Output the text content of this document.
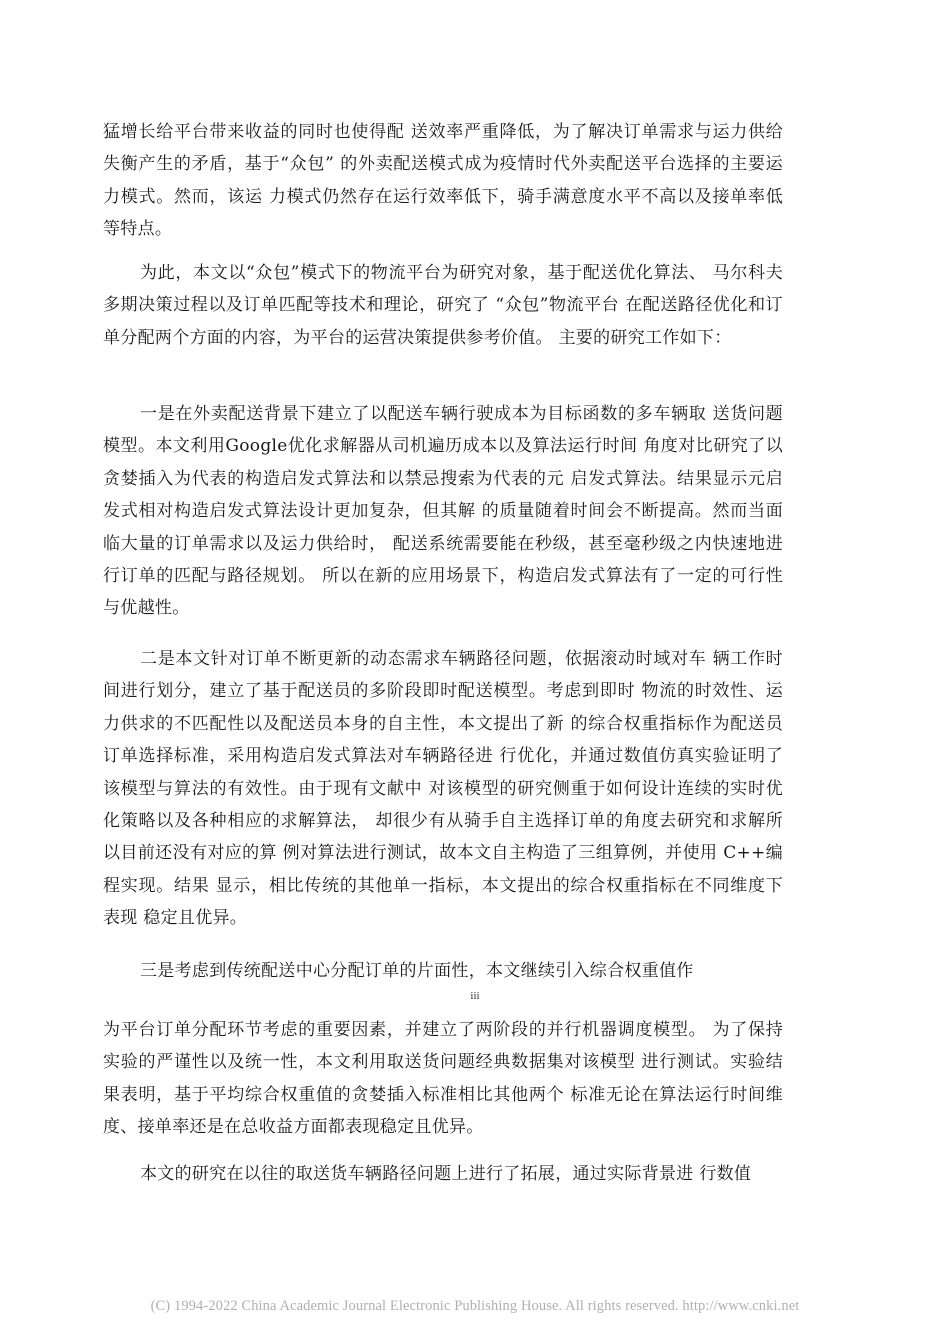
猛增长给平台带来收益的同时也使得配 送效率严重降低，为了解决订单需求与运力供给失衡产生的矛盾，基于“众包” 的外卖配送模式成为疫情时代外卖配送平台选择的主要运力模式。然而，该运 力模式仍然存在运行效率低下，骑手满意度水平不高以及接单率低等特点。

为此，本文以“众包”模式下的物流平台为研究对象，基于配送优化算法、 马尔科夫多期决策过程以及订单匹配等技术和理论，研究了 “众包”物流平台 在配送路径优化和订单分配两个方面的内容，为平台的运营决策提供参考价值。 主要的研究工作如下：

一是在外卖配送背景下建立了以配送车辆行驶成本为目标函数的多车辆取 送货问题模型。本文利用Google优化求解器从司机遍历成本以及算法运行时间 角度对比研究了以贪婪插入为代表的构造启发式算法和以禁忌搜索为代表的元 启发式算法。结果显示元启发式相对构造启发式算法设计更加复杂，但其解 的质量随着时间会不断提高。然而当面临大量的订单需求以及运力供给时， 配送系统需要能在秒级，甚至毫秒级之内快速地进行订单的匹配与路径规划。 所以在新的应用场景下，构造启发式算法有了一定的可行性与优越性。

二是本文针对订单不断更新的动态需求车辆路径问题，依据滚动时域对车 辆工作时间进行划分，建立了基于配送员的多阶段即时配送模型。考虑到即时 物流的时效性、运力供求的不匹配性以及配送员本身的自主性，本文提出了新 的综合权重指标作为配送员订单选择标准，采用构造启发式算法对车辆路径进 行优化，并通过数值仿真实验证明了该模型与算法的有效性。由于现有文献中 对该模型的研究侧重于如何设计连续的实时优化策略以及各种相应的求解算法， 却很少有从骑手自主选择订单的角度去研究和求解所以目前还没有对应的算 例对算法进行测试，故本文自主构造了三组算例，并使用 C++编程实现。结果 显示，相比传统的其他单一指标，本文提出的综合权重指标在不同维度下表现 稳定且优异。

三是考虑到传统配送中心分配订单的片面性，本文继续引入综合权重值作

iii

为平台订单分配环节考虑的重要因素，并建立了两阶段的并行机器调度模型。 为了保持实验的严谨性以及统一性，本文利用取送货问题经典数据集对该模型 进行测试。实验结果表明，基于平均综合权重值的贪婪插入标准相比其他两个 标准无论在算法运行时间维度、接单率还是在总收益方面都表现稳定且优异。

本文的研究在以往的取送货车辆路径问题上进行了拓展，通过实际背景进 行数值

(C) 1994-2022 China Academic Journal Electronic Publishing House. All rights reserved. http://www.cnki.net
